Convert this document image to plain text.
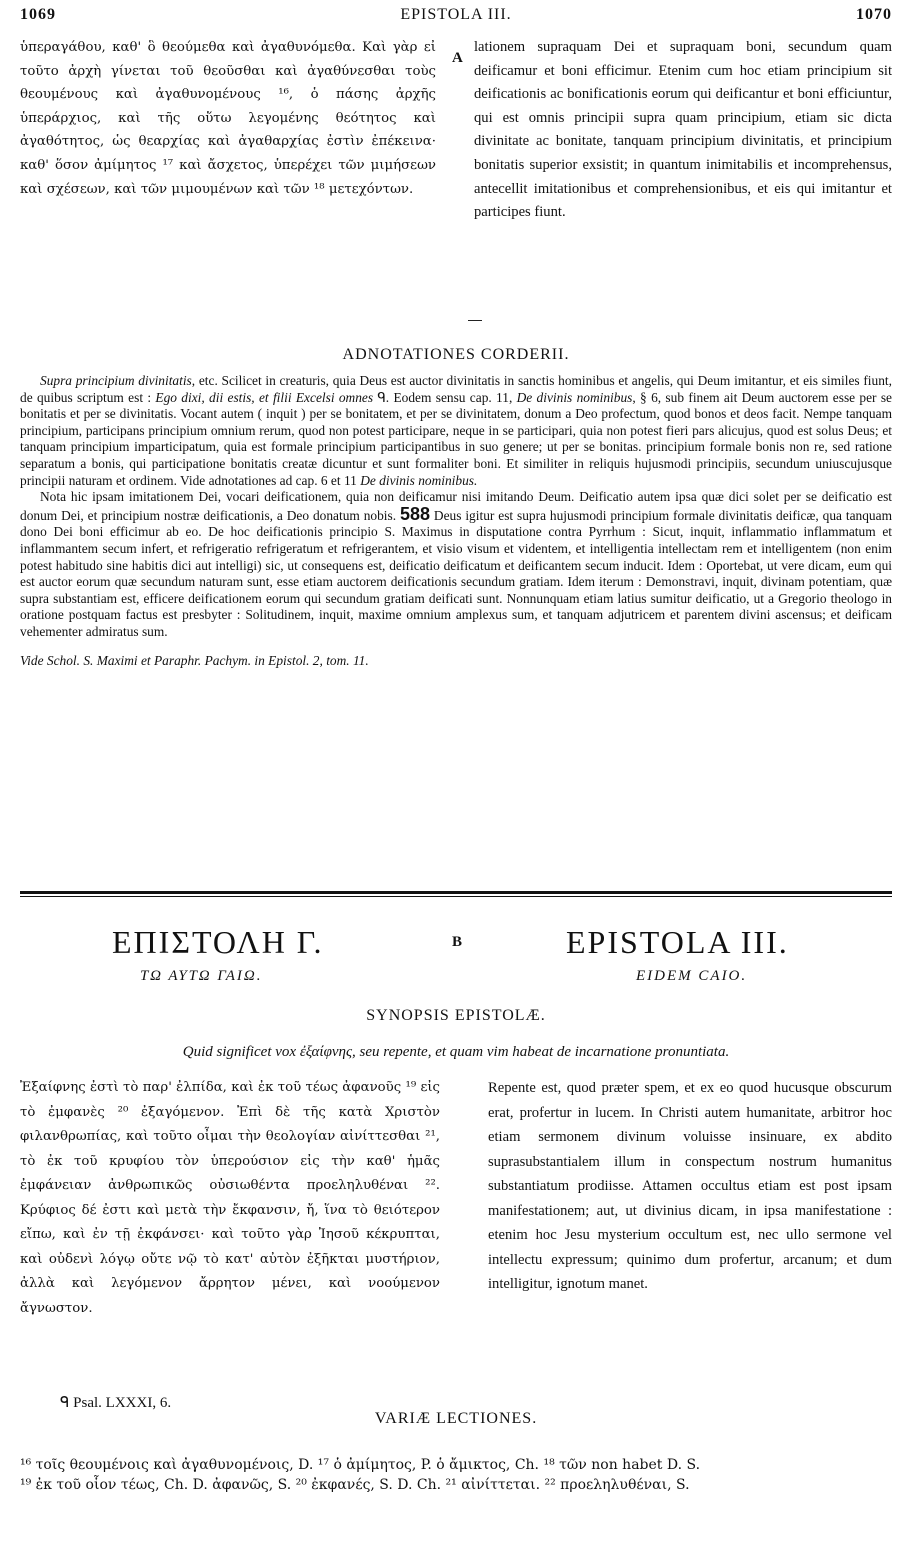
1069	EPISTOLA III.	1070
ὑπεραγάθου, καθ' ὃ θεούμεθα καὶ ἀγαθυνόμεθα. Καὶ γὰρ εἰ τοῦτο ἀρχὴ γίνεται τοῦ θεοῦσθαι καὶ ἀγαθύνεσθαι τοὺς θεουμένους καὶ ἀγαθυνομένους ¹⁶, ὁ πάσης ἀρχῆς ὑπεράρχιος, καὶ τῆς οὕτω λεγομένης θεότητος καὶ ἀγαθότητος, ὡς θεαρχίας καὶ ἀγαθαρχίας ἐστὶν ἐπέκεινα· καθ' ὅσον ἀμίμητος ¹⁷ καὶ ἄσχετος, ὑπερέχει τῶν μιμήσεων καὶ σχέσεων, καὶ τῶν μιμουμένων καὶ τῶν ¹⁸ μετεχόντων.
lationem supraquam Dei et supraquam boni, secundum quam deificamur et boni efficimur. Etenim cum hoc etiam principium sit deificationis ac bonificationis eorum qui deificantur et boni efficiuntur, qui est omnis principii supra quam principium, etiam sic dicta divinitate ac bonitate, tanquam principium divinitatis, et principium bonitatis superior exsistit; in quantum inimitabilis et incomprehensus, antecellit imitationibus et comprehensionibus, et eis qui imitantur et participes fiunt.
A
ADNOTATIONES CORDERII.

Supra principium divinitatis, etc. Scilicet in creaturis, quia Deus est auctor divinitatis in sanctis hominibus et angelis, qui Deum imitantur, et eis similes fiunt, de quibus scriptum est : Ego dixi, dii estis, et filii Excelsi omnes ᑫ. Eodem sensu cap. 11, De divinis nominibus, § 6, sub finem ait Deum auctorem esse per se bonitatis et per se divinitatis. Vocant autem ( inquit ) per se bonitatem, et per se divinitatem, donum a Deo profectum, quod bonos et deos facit. Nempe tanquam principium, participans principium omnium rerum, quod non potest participare, neque in se participari, quia non potest fieri pars alicujus, quod est solus Deus; et tanquam principium imparticipatum, quia est formale principium participantibus in suo genere; ut per se bonitas. principium formale bonis non re, sed ratione separatum a bonis, qui participatione bonitatis creatæ dicuntur et sunt formaliter boni. Et similiter in reliquis hujusmodi principiis, secundum uniuscujusque principii naturam et ordinem. Vide adnotationes ad cap. 6 et 11 De divinis nominibus.

Nota hic ipsam imitationem Dei, vocari deificationem, quia non deificamur nisi imitando Deum. Deificatio autem ipsa quæ dici solet per se deificatio est donum Dei, et principium nostræ deificationis, a Deo donatum nobis. 588 Deus igitur est supra hujusmodi principium formale divinitatis deificæ, qua tanquam dono Dei boni efficimur ab eo. De hoc deificationis principio S. Maximus in disputatione contra Pyrrhum : Sicut, inquit, inflammatio inflammatum et inflammantem secum infert, et refrigeratio refrigeratum et refrigerantem, et visio visum et videntem, et intelligentia intellectam rem et intelligentem (non enim potest habitudo sine habitis dici aut intelligi) sic, ut consequens est, deificatio deificatum et deificantem secum inducit. Idem : Oportebat, ut vere dicam, eum qui est auctor eorum quæ secundum naturam sunt, esse etiam auctorem deificationis secundum gratiam. Idem iterum : Demonstravi, inquit, divinam potentiam, quæ supra substantiam est, efficere deificationem eorum qui secundum gratiam deificati sunt. Nonnunquam etiam latius sumitur deificatio, ut a Gregorio theologo in oratione postquam factus est presbyter : Solitudinem, inquit, maxime omnium amplexus sum, et tanquam adjutricem et parentem divini ascensus; et deificam vehementer admiratus sum.

Vide Schol. S. Maximi et Paraphr. Pachym. in Epistol. 2, tom. 11.

ΕΠΙΣΤΟΛΗ Γ.
ΤΩ ΑΥΤΩ ΓΑΙΩ.
B	EPISTOLA III.
EIDEM CAIO.
SYNOPSIS EPISTOLÆ.
Quid significet vox ἐξαίφνης, seu repente, et quam vim habeat de incarnatione pronuntiata.
Ἐξαίφνης ἐστὶ τὸ παρ' ἐλπίδα, καὶ ἐκ τοῦ τέως ἀφανοῦς ¹⁹ εἰς τὸ ἐμφανὲς ²⁰ ἐξαγόμενον. Ἐπὶ δὲ τῆς κατὰ Χριστὸν φιλανθρωπίας, καὶ τοῦτο οἶμαι τὴν θεολογίαν αἰνίττεσθαι ²¹, τὸ ἐκ τοῦ κρυφίου τὸν ὑπερούσιον εἰς τὴν καθ' ἡμᾶς ἐμφάνειαν ἀνθρωπικῶς οὐσιωθέντα προεληλυθέναι ²². Κρύφιος δέ ἐστι καὶ μετὰ τὴν ἔκφανσιν, ἤ, ἵνα τὸ θειότερον εἴπω, καὶ ἐν τῇ ἐκφάνσει· καὶ τοῦτο γὰρ Ἰησοῦ κέκρυπται, καὶ οὐδενὶ λόγῳ οὔτε νῷ τὸ κατ' αὐτὸν ἐξῆκται μυστήριον, ἀλλὰ καὶ λεγόμενον ἄρρητον μένει, καὶ νοούμενον ἄγνωστον.
Repente est, quod præter spem, et ex eo quod hucusque obscurum erat, profertur in lucem. In Christi autem humanitate, arbitror hoc etiam sermonem divinum voluisse insinuare, ex abdito suprasubstantialem illum in conspectum nostrum humanitus substantiatum prodiisse. Attamen occultus etiam est post ipsam manifestationem; aut, ut divinius dicam, in ipsa manifestatione : etenim hoc Jesu mysterium occultum est, nec ullo sermone vel intellectu expressum; quinimo dum profertur, arcanum; et dum intelligitur, ignotum manet.
ᑫ Psal. LXXXI, 6.
VARIÆ LECTIONES.
¹⁶ τοῖς θεουμένοις καὶ ἀγαθυνομένοις, D. ¹⁷ ὁ ἀμίμητος, P. ὁ ἄμικτος, Ch. ¹⁸ τῶν non habet D. S.
¹⁹ ἐκ τοῦ οἷον τέως, Ch. D. ἀφανῶς, S. ²⁰ ἐκφανές, S. D. Ch. ²¹ αἰνίττεται. ²² προεληλυθέναι, S.
